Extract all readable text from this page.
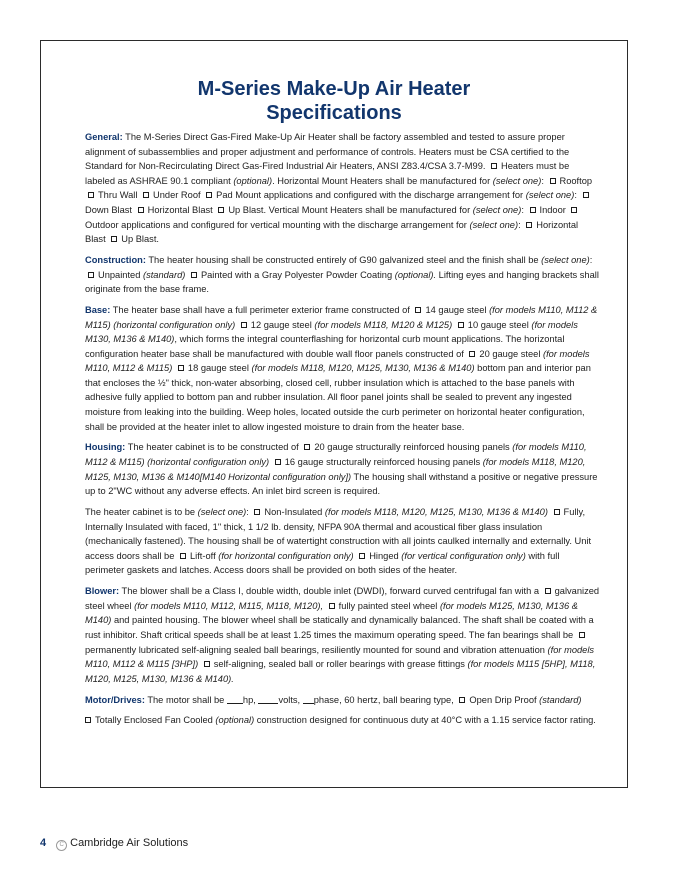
M-Series Make-Up Air Heater
Specifications

General: The M-Series Direct Gas-Fired Make-Up Air Heater shall be factory assembled and tested to assure proper alignment of subassemblies and proper adjustment and performance of controls. Heaters must be CSA certified to the Standard for Non-Recirculating Direct Gas-Fired Industrial Air Heaters, ANSI Z83.4/CSA 3.7-M99. Heaters must be labeled as ASHRAE 90.1 compliant (optional). Horizontal Mount Heaters shall be manufactured for (select one): Rooftop Thru Wall Under Roof Pad Mount applications and configured with the discharge arrangement for (select one): Down Blast Horizontal Blast Up Blast. Vertical Mount Heaters shall be manufactured for (select one): Indoor Outdoor applications and configured for vertical mounting with the discharge arrangement for (select one): Horizontal Blast Up Blast.

Construction: The heater housing shall be constructed entirely of G90 galvanized steel and the finish shall be (select one): Unpainted (standard) Painted with a Gray Polyester Powder Coating (optional). Lifting eyes and hanging brackets shall originate from the base frame.

Base: The heater base shall have a full perimeter exterior frame constructed of 14 gauge steel (for models M110, M112 & M115) (horizontal configuration only) 12 gauge steel (for models M118, M120 & M125) 10 gauge steel (for models M130, M136 & M140), which forms the integral counterflashing for horizontal curb mount applications. The horizontal configuration heater base shall be manufactured with double wall floor panels constructed of 20 gauge steel (for models M110, M112 & M115) 18 gauge steel (for models M118, M120, M125, M130, M136 & M140) bottom pan and interior pan that encloses the ½" thick, non-water absorbing, closed cell, rubber insulation which is attached to the base panels with adhesive fully applied to bottom pan and rubber insulation. All floor panel joints shall be sealed to prevent any ingested moisture from leaking into the building. Weep holes, located outside the curb perimeter on horizontal heater configuration, shall be provided at the heater inlet to allow ingested moisture to drain from the heater base.

Housing: The heater cabinet is to be constructed of 20 gauge structurally reinforced housing panels (for models M110, M112 & M115) (horizontal configuration only) 16 gauge structurally reinforced housing panels (for models M118, M120, M125, M130, M136 & M140[M140 Horizontal configuration only]) The housing shall withstand a positive or negative pressure up to 2"WC without any adverse effects. An inlet bird screen is required.

The heater cabinet is to be (select one): Non-Insulated (for models M118, M120, M125, M130, M136 & M140) Fully, Internally Insulated with faced, 1" thick, 1 1/2 lb. density, NFPA 90A thermal and acoustical fiber glass insulation (mechanically fastened). The housing shall be of watertight construction with all joints caulked internally and externally. Unit access doors shall be Lift-off (for horizontal configuration only) Hinged (for vertical configuration only) with full perimeter gaskets and latches. Access doors shall be provided on both sides of the heater.

Blower: The blower shall be a Class I, double width, double inlet (DWDI), forward curved centrifugal fan with a galvanized steel wheel (for models M110, M112, M115, M118, M120), fully painted steel wheel (for models M125, M130, M136 & M140) and painted housing. The blower wheel shall be statically and dynamically balanced. The shaft shall be coated with a rust inhibitor. Shaft critical speeds shall be at least 1.25 times the maximum operating speed. The fan bearings shall be permanently lubricated self-aligning sealed ball bearings, resiliently mounted for sound and vibration attenuation (for models M110, M112 & M115 [3HP]) self-aligning, sealed ball or roller bearings with grease fittings (for models M115 [5HP], M118, M120, M125, M130, M136 & M140).

Motor/Drives: The motor shall be hp, volts, phase, 60 hertz, ball bearing type, Open Drip Proof (standard)

Totally Enclosed Fan Cooled (optional) construction designed for continuous duty at 40°C with a 1.15 service factor rating.

4 C Cambridge Air Solutions
